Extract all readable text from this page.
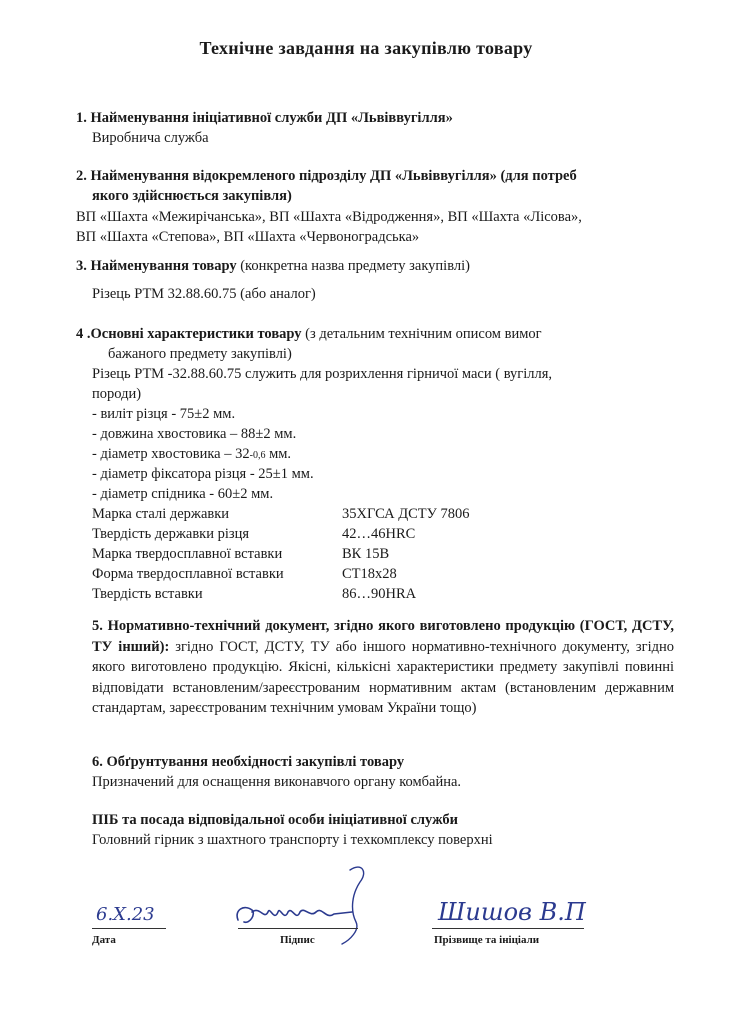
Технічне завдання на закупівлю товару
1. Найменування ініціативної служби ДП «Львіввугілля»
Виробнича служба
2. Найменування відокремленого підрозділу ДП «Львіввугілля» (для потреб
якого здійснюється закупівля)
ВП «Шахта «Межирічанська», ВП «Шахта «Відродження», ВП «Шахта «Лісова»,
ВП «Шахта «Степова», ВП «Шахта «Червоноградська»
3. Найменування товару (конкретна назва предмету закупівлі)
Різець РТМ 32.88.60.75 (або аналог)
4 .Основні характеристики товару (з детальним технічним описом вимог
бажаного предмету закупівлі)
Різець РТМ -32.88.60.75 служить для розрихлення гірничої маси ( вугілля,
породи)
- виліт різця - 75±2 мм.
- довжина хвостовика – 88±2 мм.
- діаметр хвостовика – 32-0,6 мм.
- діаметр фіксатора різця - 25±1 мм.
- діаметр спідника - 60±2 мм.
Марка сталі державки	35ХГСА ДСТУ 7806
Твердість державки різця	42…46HRC
Марка твердосплавної вставки	ВК 15В
Форма твердосплавної вставки	СТ18х28
Твердість вставки	86…90HRA
5. Нормативно-технічний документ, згідно якого виготовлено продукцію (ГОСТ, ДСТУ, ТУ інший): згідно ГОСТ, ДСТУ, ТУ або іншого нормативно-технічного документу, згідно якого виготовлено продукцію. Якісні, кількісні характеристики предмету закупівлі повинні відповідати встановленим/зареєстрованим нормативним актам (встановленим державним стандартам, зареєстрованим технічним умовам України тощо)
6. Обґрунтування необхідності закупівлі товару
Призначений для оснащення виконавчого органу комбайна.
ПІБ та посада відповідальної особи ініціативної служби
Головний гірник з шахтного транспорту і техкомплексу поверхні
6.Х.23
Дата	Підпис
Шишов В.П
Прізвище та ініціали
